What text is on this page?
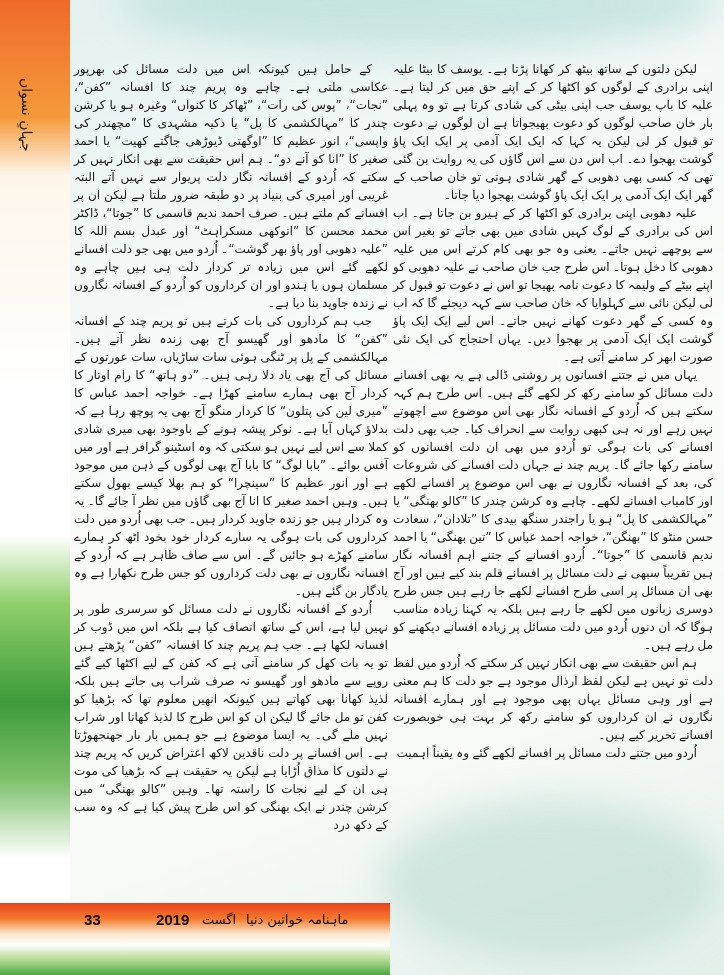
جہانِ نسواں
33	2019 اگست ماہنامہ خواتین دنیا

لیکن دلتوں کے ساتھ بیٹھ کر کھانا پڑتا ہے۔ یوسف کا بیٹا علیہ اپنی برادری کے لوگوں کو اکٹھا کر کے اپنے حق میں کر لیتا ہے۔ علیہ کا باپ یوسف جب اپنی بیٹی کی شادی کرتا ہے تو وہ پہلی بار خان صاحب لوگوں کو دعوت بھیجواتا ہے ان لوگوں نے دعوت تو قبول کر لی لیکن یہ کہا کہ ایک ایک آدمی پر ایک ایک پاؤ گوشت بھجوا دے۔ اب اس دن سے اس گاؤں کی یہ روایت بن گئی تھی کہ کسی بھی دھوبی کے گھر شادی ہوتی تو خان صاحب کے گھر ایک ایک آدمی پر ایک ایک پاؤ گوشت بھجوا دیا جاتا۔

علیہ دھوبی اپنی برادری کو اکٹھا کر کے ہیرو بن جاتا ہے۔ اب اس کی برادری کے لوگ کہیں شادی میں بھی جاتے تو بغیر اس سے پوچھے نہیں جاتے۔ یعنی وہ جو بھی کام کرتے اس میں علیہ دھوبی کا دخل ہوتا۔ اس طرح جب خان صاحب نے علیہ دھوبی کو اپنے بیٹے کے ولیمہ کا دعوت نامہ بھیجا تو اس نے دعوت تو قبول کر لی لیکن نائی سے کہلوایا کہ خان صاحب سے کہہ دیجئے گا کہ اب وہ کسی کے گھر دعوت کھانے نہیں جاتے۔ اس لیے ایک ایک پاؤ گوشت ایک ایک آدمی پر بھجوا دیں۔ یہاں احتجاج کی ایک نئی صورت ابھر کر سامنے آتی ہے۔

یہاں میں نے جتنے افسانوں پر روشنی ڈالی ہے یہ بھی افسانے دلت مسائل کو سامنے رکھ کر لکھے گئے ہیں۔ اس طرح ہم کہہ سکتے ہیں کہ اُردو کے افسانہ نگار بھی اس موضوع سے اچھوتے نہیں رہے اور نہ ہی کبھی روایت سے انحراف کیا۔ جب بھی دلت افسانے کی بات ہوگی تو اُردو میں بھی ان دلت افسانوں کو سامنے رکھا جائے گا۔ پریم چند نے جہاں دلت افسانے کی شروعات کی، بعد کے افسانہ نگاروں نے بھی اس موضوع پر افسانے لکھے اور کامیاب افسانے لکھے۔ چاہے وہ کرشن چندر کا ”کالو بھنگی“ یا ”مہالکشمی کا پل“ ہو یا راجندر سنگھ بیدی کا ”تلادان“، سعادت حسن منٹو کا ”بھنگن“، خواجہ احمد عباس کا ”تین بھنگی“ یا احمد ندیم قاسمی کا ”جوتا“۔ اُردو افسانے کے جتنے اہم افسانہ نگار ہیں تقریباً سبھی نے دلت مسائل پر افسانے قلم بند کیے ہیں اور آج بھی ان مسائل پر اسی طرح افسانے لکھے جا رہے ہیں جس طرح دوسری زبانوں میں لکھے جا رہے ہیں بلکہ یہ کہنا زیادہ مناسب ہوگا کہ ان دنوں اُردو میں دلت مسائل پر زیادہ افسانے دیکھنے کو مل رہے ہیں۔

ہم اس حقیقت سے بھی انکار نہیں کر سکتے کہ اُردو میں لفظ دلت تو نہیں ہے لیکن لفظ ارذال موجود ہے جو دلت کا ہم معنی ہے اور وہی مسائل یہاں بھی موجود ہے اور ہمارے افسانہ نگاروں نے ان کرداروں کو سامنے رکھ کر بہت ہی خوبصورت افسانے تحریر کیے ہیں۔

اُردو میں جتنے دلت مسائل پر افسانے لکھے گئے وہ یقیناً اہمیت

کے حامل ہیں کیونکہ اس میں دلت مسائل کی بھرپور عکاسی ملتی ہے۔ چاہے وہ پریم چند کا افسانہ ”کفن“، ”نجات“، ”پوس کی رات“، ”ٹھاکر کا کنواں“ وغیرہ ہو یا کرشن چندر کا ”مہالکشمی کا پل“ یا ذکیہ مشہدی کا ”مچھندر کی واپسی“، انور عظیم کا ”اوگھتی ڈیوڑھی جاگتے کھیت“ یا احمد صغیر کا ”انا کو آنے دو“۔ ہم اس حقیقت سے بھی انکار نہیں کر سکتے کہ اُردو کے افسانہ نگار دلت پریوار سے نہیں آتے البتہ غریبی اور امیری کی بنیاد پر دو طبقہ ضرور ملتا ہے لیکن ان پر افسانے کم ملتے ہیں۔ صرف احمد ندیم قاسمی کا ”جوتا“، ڈاکٹر محمد محسن کا ”انوکھی مسکراہٹ“ اور عبدل بسم اللہ کا ”علیہ دھوبی اور پاؤ بھر گوشت“۔ اُردو میں بھی جو دلت افسانے لکھے گئے اس میں زیادہ تر کردار دلت ہی ہیں چاہے وہ مسلمان ہوں یا ہندو اور ان کرداروں کو اُردو کے افسانہ نگاروں نے زندہ جاوید بنا دیا ہے۔

جب ہم کرداروں کی بات کرتے ہیں تو پریم چند کے افسانہ ”کفن“ کا مادھو اور گھیسو آج بھی زندہ نظر آتے ہیں۔ مہالکشمی کے پل پر ٹنگی ہوئی سات ساڑیاں، سات عورتوں کے مسائل کی آج بھی یاد دلا رہی ہیں۔ ”دو ہاتھ“ کا رام اوتار کا کردار آج بھی ہمارے سامنے کھڑا ہے۔ خواجہ احمد عباس کا ”میری لین کی پتلون“ کا کردار منگو آج بھی یہ پوچھ رہا ہے کہ بدلاؤ کہاں آیا ہے۔ نوکر پیشہ ہونے کے باوجود بھی میری شادی کملا سے اس لیے نہیں ہو سکتی کہ وہ اسٹینو گرافر ہے اور میں آفس بوائے۔ ”بابا لوگ“ کا بابا آج بھی لوگوں کے ذہن میں موجود ہے اور انور عظیم کا ”سینچرا“ کو ہم بھلا کیسے بھول سکتے ہیں۔ وہیں احمد صغیر کا انا آج بھی گاؤں میں نظر آ جائے گا۔ یہ وہ کردار ہیں جو زندہ جاوید کردار ہیں۔ جب بھی اُردو میں دلت کرداروں کی بات ہوگی یہ سارے کردار خود بخود اٹھ کر ہمارے سامنے کھڑے ہو جائیں گے۔ اس سے صاف ظاہر ہے کہ اُردو کے افسانہ نگاروں نے بھی دلت کرداروں کو جس طرح نکھارا ہے وہ یادگار بن گئے ہیں۔

اُردو کے افسانہ نگاروں نے دلت مسائل کو سرسری طور پر نہیں لیا ہے، اس کے ساتھ انصاف کیا ہے بلکہ اس میں ڈوب کر افسانہ لکھا ہے۔ جب ہم پریم چند کا افسانہ ”کفن“ پڑھتے ہیں تو یہ بات کھل کر سامنے آتی ہے کہ کفن کے لیے اکٹھا کیے گئے روپے سے مادھو اور گھیسو نہ صرف شراب پی جاتے ہیں بلکہ لذیذ کھانا بھی کھاتے ہیں کیونکہ انھیں معلوم تھا کہ بڑھیا کو کفن تو مل جائے گا لیکن ان کو اس طرح کا لذیذ کھانا اور شراب نہیں ملے گی۔ یہ ایسا موضوع ہے جو ہمیں بار بار جھنجھوڑتا ہے۔ اس افسانے پر دلت ناقدین لاکھ اعتراض کریں کہ پریم چند نے دلتوں کا مذاق اُڑایا ہے لیکن یہ حقیقت ہے کہ بڑھیا کی موت ہی ان کے لیے نجات کا راستہ تھا۔ وہیں ”کالو بھنگی“ میں کرشن چندر نے ایک بھنگی کو اس طرح پیش کیا ہے کہ وہ سب کے دکھ درد
